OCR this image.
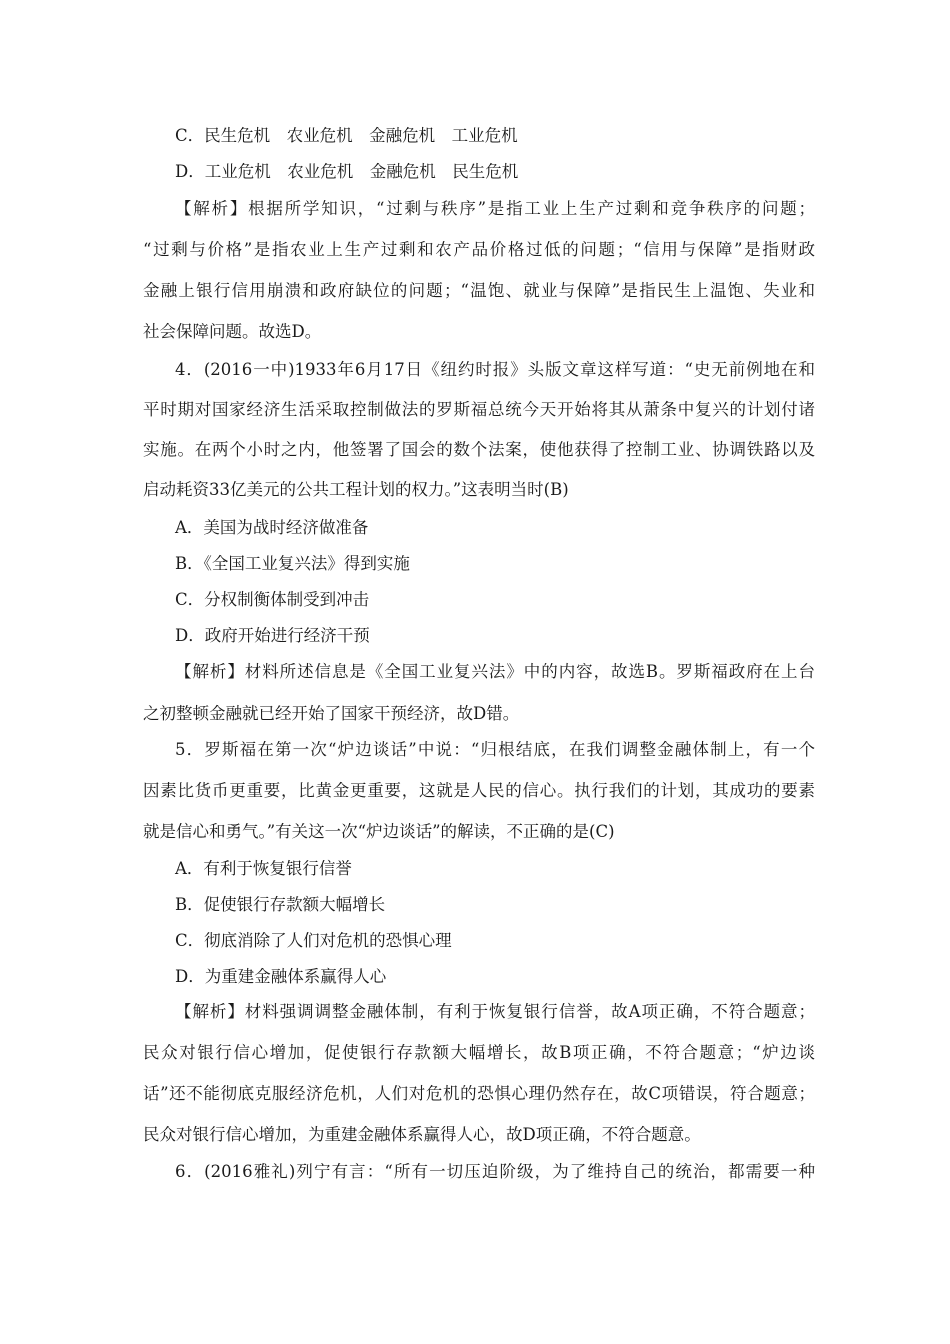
C．民生危机　农业危机　金融危机　工业危机
D．工业危机　农业危机　金融危机　民生危机
【解析】根据所学知识，“过剩与秩序”是指工业上生产过剩和竞争秩序的问题；
“过剩与价格”是指农业上生产过剩和农产品价格过低的问题；“信用与保障”是指财政
金融上银行信用崩溃和政府缺位的问题；“温饱、就业与保障”是指民生上温饱、失业和
社会保障问题。故选D。
4．(2016一中)1933年6月17日《纽约时报》头版文章这样写道：“史无前例地在和
平时期对国家经济生活采取控制做法的罗斯福总统今天开始将其从萧条中复兴的计划付诸
实施。在两个小时之内，他签署了国会的数个法案，使他获得了控制工业、协调铁路以及
启动耗资33亿美元的公共工程计划的权力。”这表明当时(B)
A．美国为战时经济做准备
B．《全国工业复兴法》得到实施
C．分权制衡体制受到冲击
D．政府开始进行经济干预
【解析】材料所述信息是《全国工业复兴法》中的内容，故选B。罗斯福政府在上台
之初整顿金融就已经开始了国家干预经济，故D错。
5．罗斯福在第一次“炉边谈话”中说：“归根结底，在我们调整金融体制上，有一个
因素比货币更重要，比黄金更重要，这就是人民的信心。执行我们的计划，其成功的要素
就是信心和勇气。”有关这一次“炉边谈话”的解读，不正确的是(C)
A．有利于恢复银行信誉
B．促使银行存款额大幅增长
C．彻底消除了人们对危机的恐惧心理
D．为重建金融体系赢得人心
【解析】材料强调调整金融体制，有利于恢复银行信誉，故A项正确，不符合题意；
民众对银行信心增加，促使银行存款额大幅增长，故B项正确，不符合题意；“炉边谈
话”还不能彻底克服经济危机，人们对危机的恐惧心理仍然存在，故C项错误，符合题意；
民众对银行信心增加，为重建金融体系赢得人心，故D项正确，不符合题意。
6．(2016雅礼)列宁有言：“所有一切压迫阶级，为了维持自己的统治，都需要一种
